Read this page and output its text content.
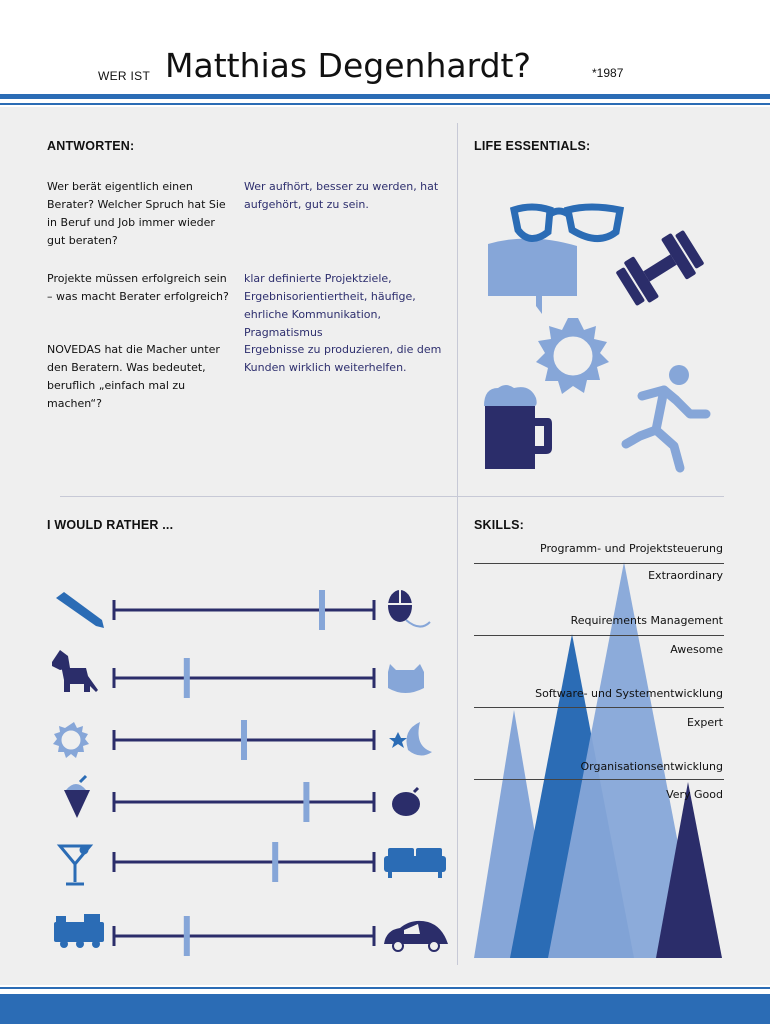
WER IST Matthias Degenhardt?	*1987
ANTWORTEN:
Wer berät eigentlich einen Berater? Welcher Spruch hat Sie in Beruf und Job immer wieder gut beraten?
Wer aufhört, besser zu werden, hat aufgehört, gut zu sein.
Projekte müssen erfolgreich sein – was macht Berater erfolgreich?
klar definierte Projektziele, Ergebnisorientiertheit, häufige, ehrliche Kommunikation, Pragmatismus
NOVEDAS hat die Macher unter den Beratern. Was bedeutet, beruflich „einfach mal zu machen“?
Ergebnisse zu produzieren, die dem Kunden wirklich weiterhelfen.
LIFE ESSENTIALS:
I WOULD RATHER ...	SKILLS:
Programm- und Projektsteuerung
Extraordinary
Requirements Management
Awesome
Software- und Systementwicklung
Expert
Organisationsentwicklung
Very Good
